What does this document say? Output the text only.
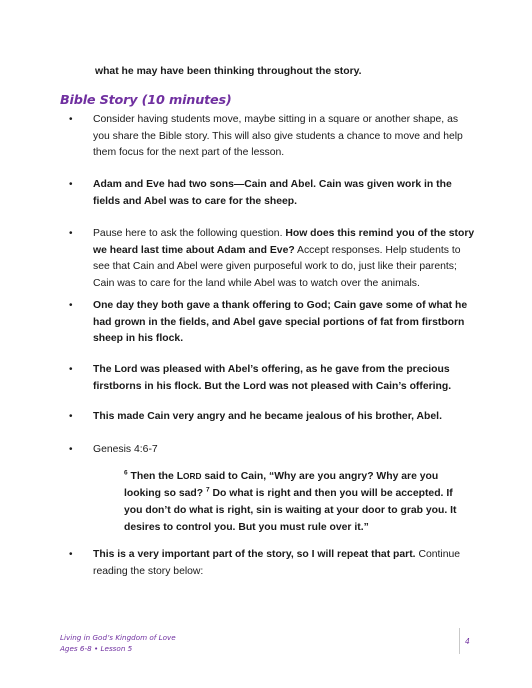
what he may have been thinking throughout the story.
Bible Story (10 minutes)
• Consider having students move, maybe sitting in a square or another shape, as you share the Bible story. This will also give students a chance to move and help them focus for the next part of the lesson.
• Adam and Eve had two sons—Cain and Abel. Cain was given work in the fields and Abel was to care for the sheep.
• Pause here to ask the following question. How does this remind you of the story we heard last time about Adam and Eve? Accept responses. Help students to see that Cain and Abel were given purposeful work to do, just like their parents; Cain was to care for the land while Abel was to watch over the animals.
• One day they both gave a thank offering to God; Cain gave some of what he had grown in the fields, and Abel gave special portions of fat from firstborn sheep in his flock.
• The Lord was pleased with Abel’s offering, as he gave from the precious firstborns in his flock. But the Lord was not pleased with Cain’s offering.
• This made Cain very angry and he became jealous of his brother, Abel.
• Genesis 4:6-7
• This is a very important part of the story, so I will repeat that part. Continue reading the story below:
$^6$ Then the LORD said to Cain, “Why are you angry? Why are you looking so sad? $^7$ Do what is right and then you will be accepted. If you don’t do what is right, sin is waiting at your door to grab you. It desires to control you. But you must rule over it.”
Living in God’s Kingdom of Love
Ages 6-8 • Lesson 5
4
